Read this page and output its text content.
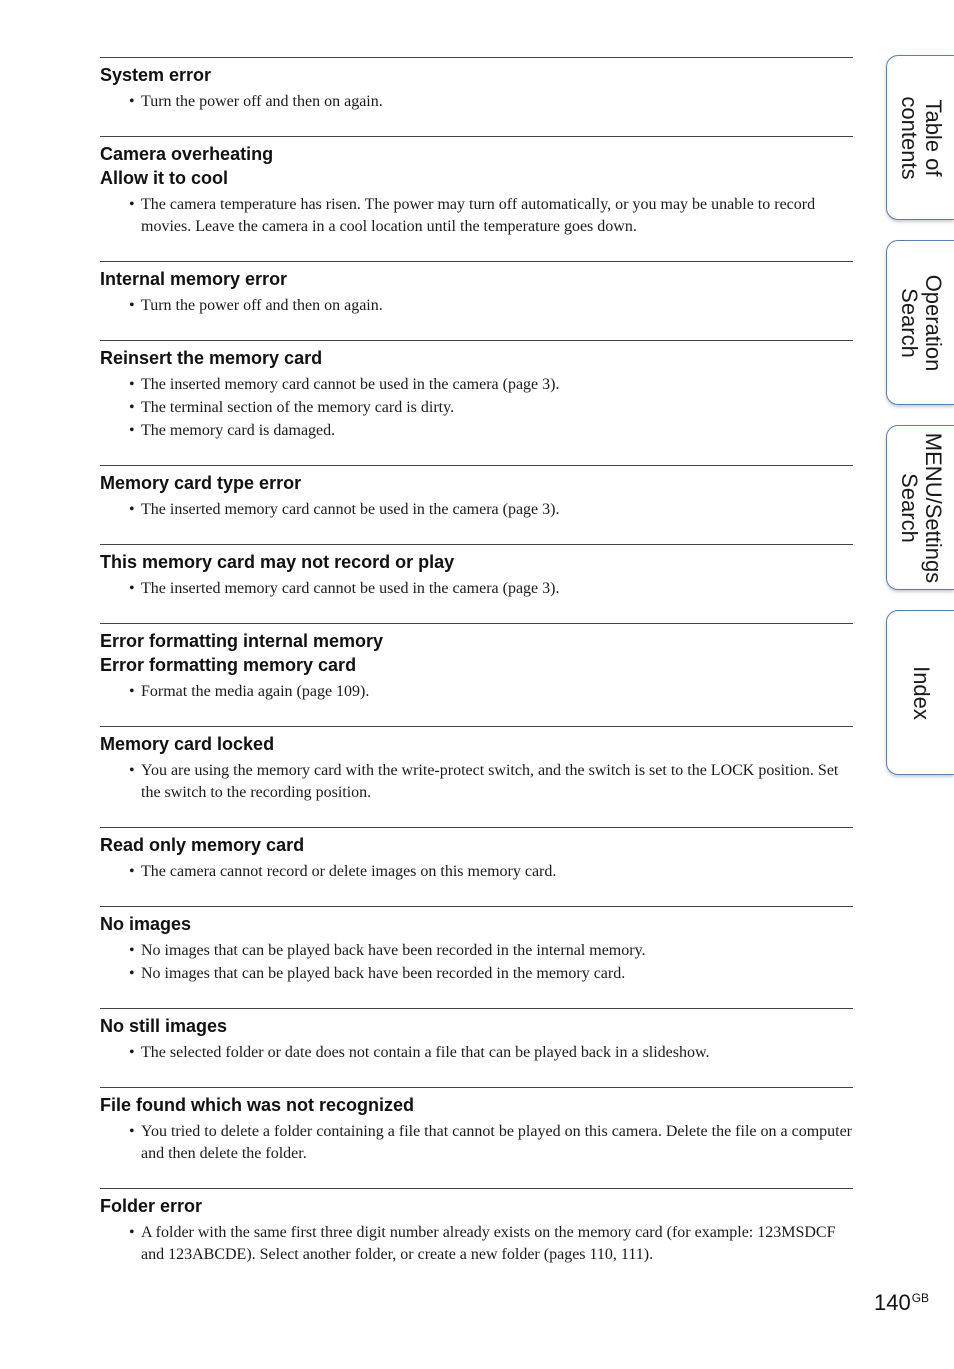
System error
• Turn the power off and then on again.
Camera overheating
Allow it to cool
• The camera temperature has risen. The power may turn off automatically, or you may be unable to record movies. Leave the camera in a cool location until the temperature goes down.
Internal memory error
• Turn the power off and then on again.
Reinsert the memory card
• The inserted memory card cannot be used in the camera (page 3).
• The terminal section of the memory card is dirty.
• The memory card is damaged.
Memory card type error
• The inserted memory card cannot be used in the camera (page 3).
This memory card may not record or play
• The inserted memory card cannot be used in the camera (page 3).
Error formatting internal memory
Error formatting memory card
• Format the media again (page 109).
Memory card locked
• You are using the memory card with the write-protect switch, and the switch is set to the LOCK position. Set the switch to the recording position.
Read only memory card
• The camera cannot record or delete images on this memory card.
No images
• No images that can be played back have been recorded in the internal memory.
• No images that can be played back have been recorded in the memory card.
No still images
• The selected folder or date does not contain a file that can be played back in a slideshow.
File found which was not recognized
• You tried to delete a folder containing a file that cannot be played on this camera. Delete the file on a computer and then delete the folder.
Folder error
• A folder with the same first three digit number already exists on the memory card (for example: 123MSDCF and 123ABCDE). Select another folder, or create a new folder (pages 110, 111).
Table of
contents
Operation
Search
MENU/Settings
Search
Index
$140^{GB}$
